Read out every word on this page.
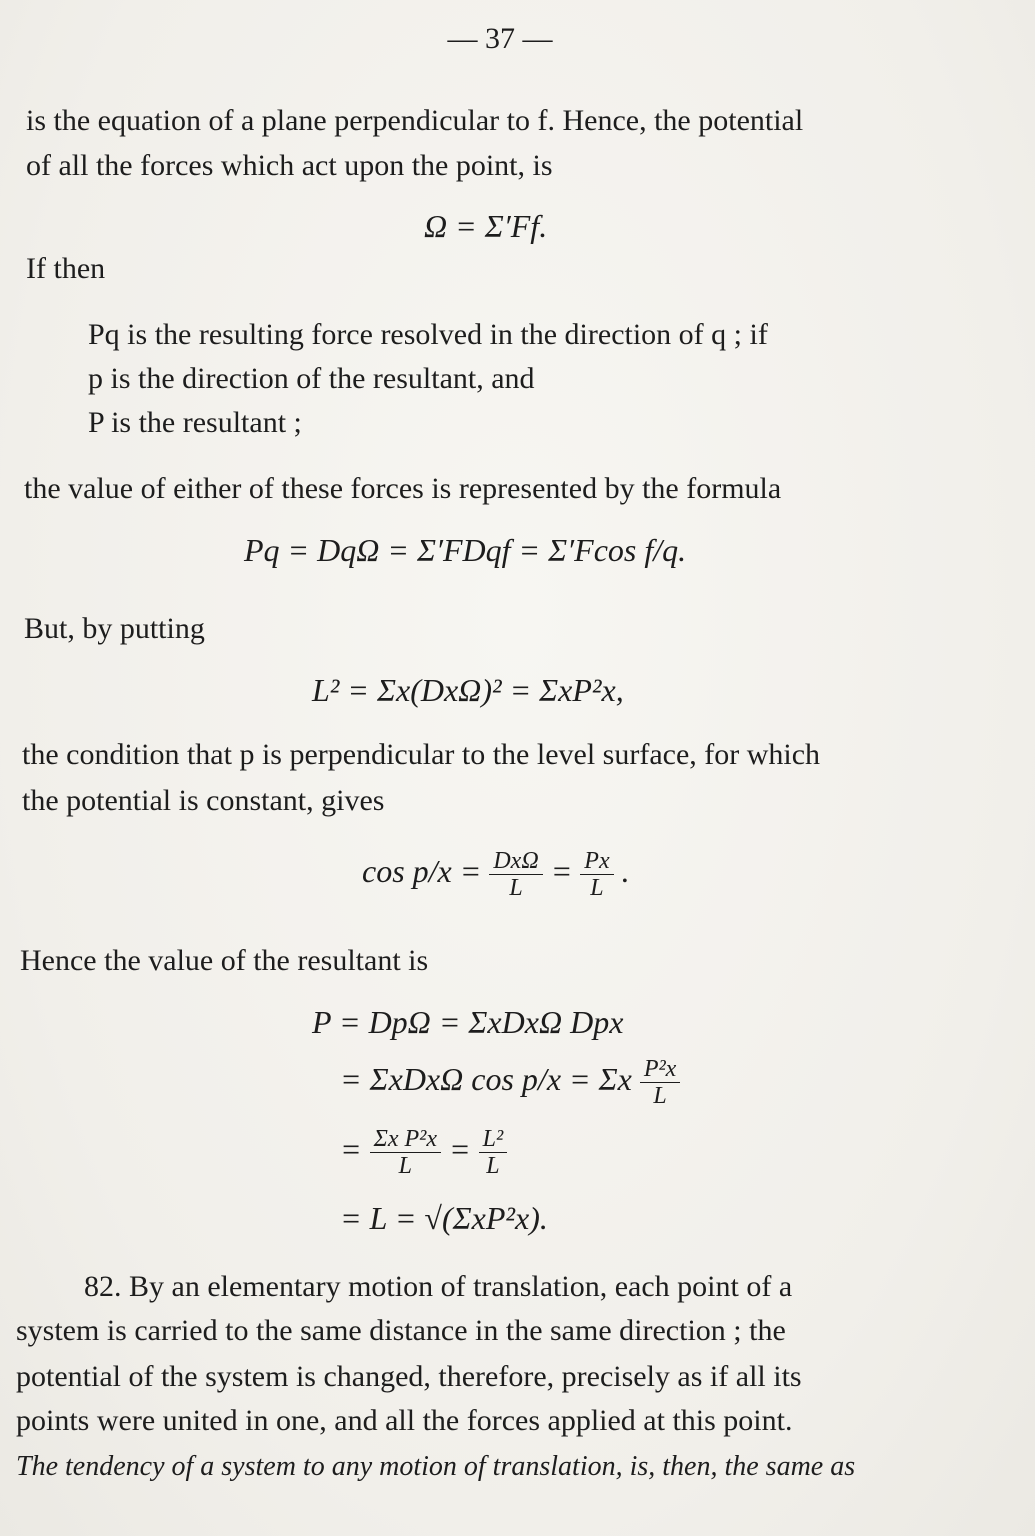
— 37 —
is the equation of a plane perpendicular to f. Hence, the potential
of all the forces which act upon the point, is
Ω = Σ′Ff.
If then
Pq is the resulting force resolved in the direction of q ; if
p is the direction of the resultant, and
P is the resultant ;
the value of either of these forces is represented by the formula
Pq = DqΩ = Σ′FDqf = Σ′Fcos f/q.
But, by putting
L² = Σx(DxΩ)² = ΣxP²x,
the condition that p is perpendicular to the level surface, for which
the potential is constant, gives
$\cos p/x = \frac{\text{DxΩ}}{L} = \frac{Px}{L}$ .
Hence the value of the resultant is
P = DpΩ = ΣxDxΩ Dpx
= ΣxDxΩ cos p/x = Σx $\frac{\text{P²x}}{L}$
= $\frac{\text{Σx P²x}}{L} = \frac{\text{L²}}{L}$
= L = √(ΣxP²x).
82. By an elementary motion of translation, each point of a
system is carried to the same distance in the same direction ; the
potential of the system is changed, therefore, precisely as if all its
points were united in one, and all the forces applied at this point.
The tendency of a system to any motion of translation, is, then, the same as
